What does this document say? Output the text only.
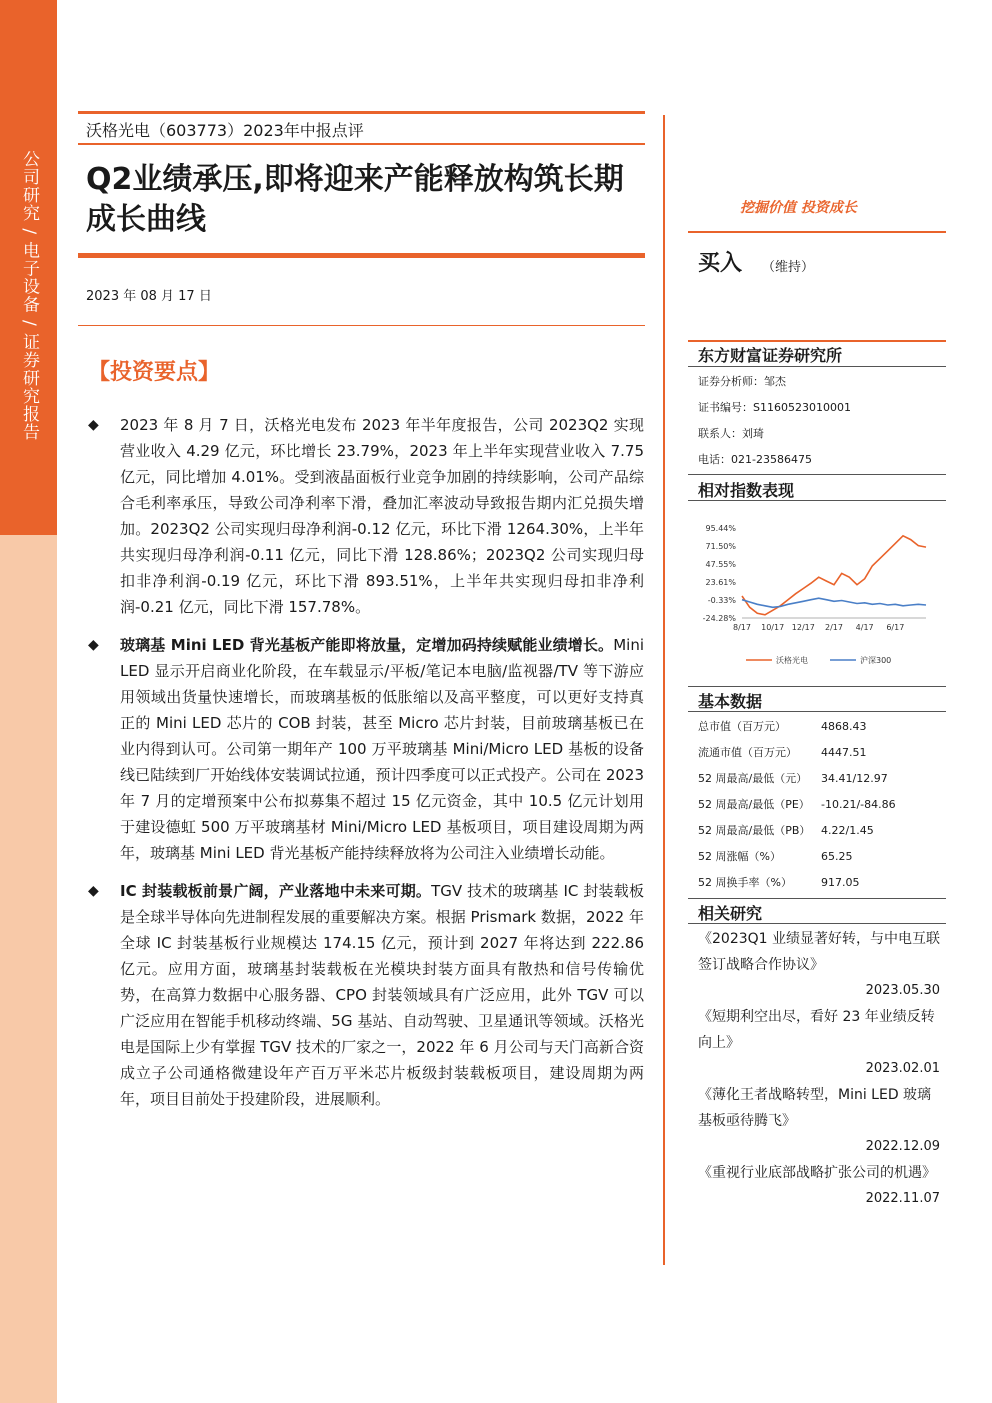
公司研究 / 电子设备 / 证券研究报告
沃格光电（603773）2023年中报点评
Q2业绩承压,即将迎来产能释放构筑长期成长曲线
2023 年 08 月 17 日
【投资要点】
◆ 2023 年 8 月 7 日，沃格光电发布 2023 年半年度报告，公司 2023Q2 实现营业收入 4.29 亿元，环比增长 23.79%，2023 年上半年实现营业收入 7.75 亿元，同比增加 4.01%。受到液晶面板行业竞争加剧的持续影响，公司产品综合毛利率承压，导致公司净利率下滑，叠加汇率波动导致报告期内汇兑损失增加。2023Q2 公司实现归母净利润-0.12 亿元，环比下滑 1264.30%，上半年共实现归母净利润-0.11 亿元，同比下滑 128.86%；2023Q2 公司实现归母扣非净利润-0.19 亿元，环比下滑 893.51%，上半年共实现归母扣非净利润-0.21 亿元，同比下滑 157.78%。
◆ 玻璃基 Mini LED 背光基板产能即将放量，定增加码持续赋能业绩增长。Mini LED 显示开启商业化阶段，在车载显示/平板/笔记本电脑/监视器/TV 等下游应用领域出货量快速增长，而玻璃基板的低胀缩以及高平整度，可以更好支持真正的 Mini LED 芯片的 COB 封装，甚至 Micro 芯片封装，目前玻璃基板已在业内得到认可。公司第一期年产 100 万平玻璃基 Mini/Micro LED 基板的设备线已陆续到厂开始线体安装调试拉通，预计四季度可以正式投产。公司在 2023 年 7 月的定增预案中公布拟募集不超过 15 亿元资金，其中 10.5 亿元计划用于建设德虹 500 万平玻璃基材 Mini/Micro LED 基板项目，项目建设周期为两年，玻璃基 Mini LED 背光基板产能持续释放将为公司注入业绩增长动能。
◆ IC 封装载板前景广阔，产业落地中未来可期。TGV 技术的玻璃基 IC 封装载板是全球半导体向先进制程发展的重要解决方案。根据 Prismark 数据，2022 年全球 IC 封装基板行业规模达 174.15 亿元，预计到 2027 年将达到 222.86 亿元。应用方面，玻璃基封装载板在光模块封装方面具有散热和信号传输优势，在高算力数据中心服务器、CPO 封装领域具有广泛应用，此外 TGV 可以广泛应用在智能手机移动终端、5G 基站、自动驾驶、卫星通讯等领域。沃格光电是国际上少有掌握 TGV 技术的厂家之一，2022 年 6 月公司与天门高新合资成立子公司通格微建设年产百万平米芯片板级封装载板项目，建设周期为两年，项目目前处于投建阶段，进展顺利。
挖掘价值 投资成长
买入 （维持）
东方财富证券研究所
证券分析师：邹杰
证书编号：S1160523010001
联系人：刘琦
电话：021-23586475
相对指数表现
95.44%
71.50%
47.55%
23.61%
-0.33%
-24.28%
8/17 10/17 12/17 2/17 4/17 6/17
沃格光电	沪深300
基本数据
总市值（百万元）	4868.43
流通市值（百万元）	4447.51
52 周最高/最低（元）	34.41/12.97
52 周最高/最低（PE）	-10.21/-84.86
52 周最高/最低（PB） 4.22/1.45
52 周涨幅（%）	65.25
52 周换手率（%）	917.05
相关研究
《2023Q1 业绩显著好转，与中电互联签订战略合作协议》
2023.05.30
《短期利空出尽，看好 23 年业绩反转向上》
2023.02.01
《薄化王者战略转型，Mini LED 玻璃基板亟待腾飞》
2022.12.09
《重视行业底部战略扩张公司的机遇》
2022.11.07
